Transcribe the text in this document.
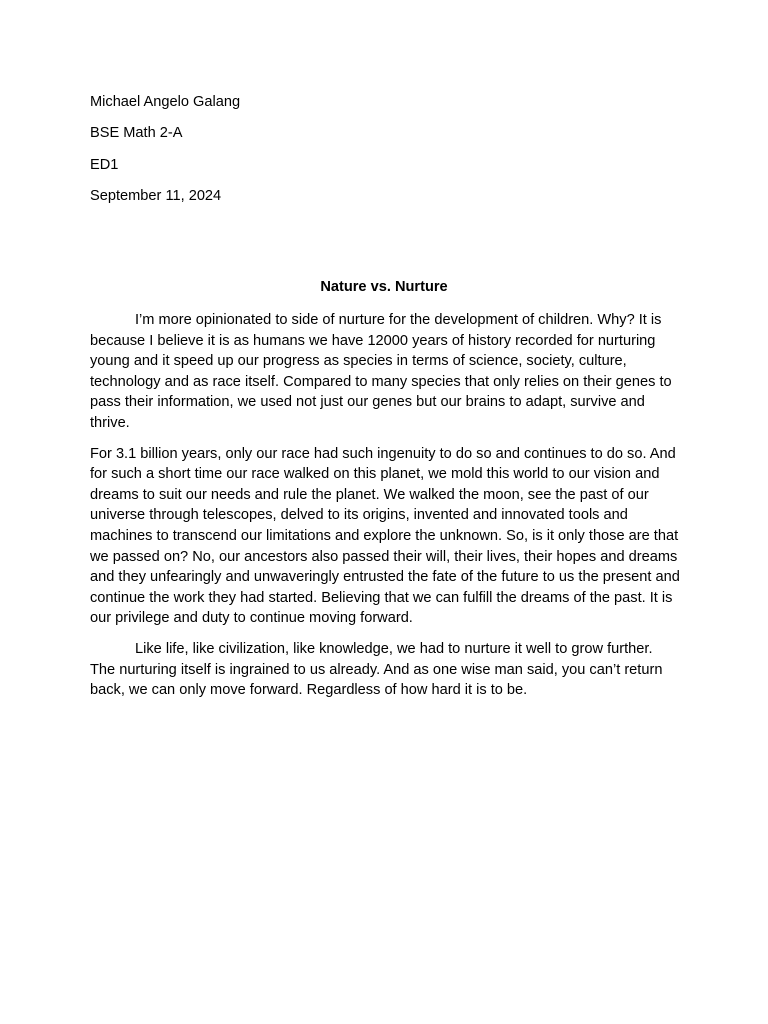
Michael Angelo Galang
BSE Math 2-A
ED1
September 11, 2024
Nature vs. Nurture

I’m more opinionated to side of nurture for the development of children. Why? It is because I believe it is as humans we have 12000 years of history recorded for nurturing young and it speed up our progress as species in terms of science, society, culture, technology and as race itself. Compared to many species that only relies on their genes to pass their information, we used not just our genes but our brains to adapt, survive and thrive.

For 3.1 billion years, only our race had such ingenuity to do so and continues to do so. And for such a short time our race walked on this planet, we mold this world to our vision and dreams to suit our needs and rule the planet. We walked the moon, see the past of our universe through telescopes, delved to its origins, invented and innovated tools and machines to transcend our limitations and explore the unknown. So, is it only those are that we passed on? No, our ancestors also passed their will, their lives, their hopes and dreams and they unfearingly and unwaveringly entrusted the fate of the future to us the present and continue the work they had started. Believing that we can fulfill the dreams of the past. It is our privilege and duty to continue moving forward.

Like life, like civilization, like knowledge, we had to nurture it well to grow further. The nurturing itself is ingrained to us already. And as one wise man said, you can’t return back, we can only move forward. Regardless of how hard it is to be.
